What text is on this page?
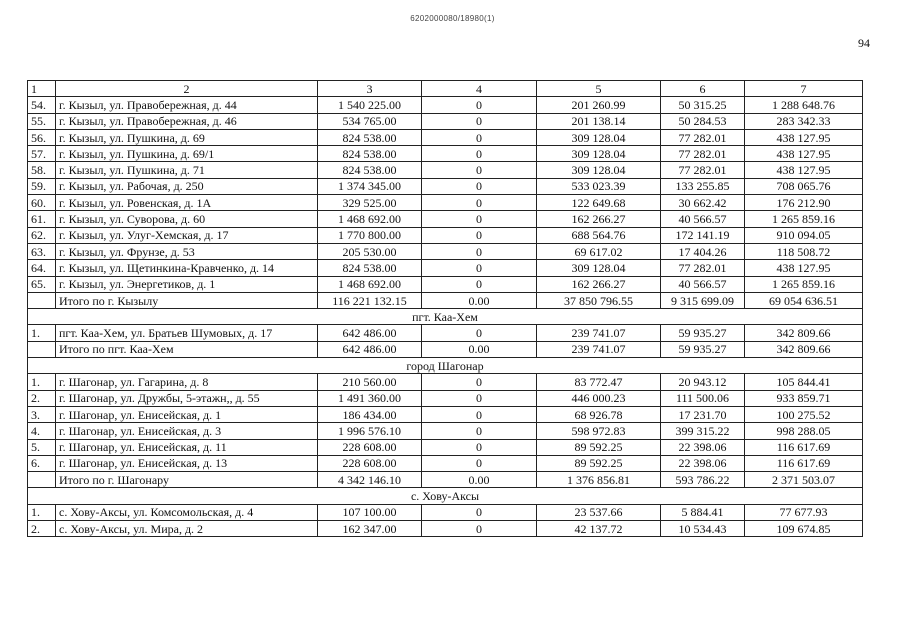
6202000080/18980(1)
94
1	2	3	4	5	6	7
54.	г. Кызыл, ул. Правобережная, д. 44	1 540 225.00	0	201 260.99	50 315.25	1 288 648.76
55.	г. Кызыл, ул. Правобережная, д. 46	534 765.00	0	201 138.14	50 284.53	283 342.33
56.	г. Кызыл, ул. Пушкина, д. 69	824 538.00	0	309 128.04	77 282.01	438 127.95
57.	г. Кызыл, ул. Пушкина, д. 69/1	824 538.00	0	309 128.04	77 282.01	438 127.95
58.	г. Кызыл, ул. Пушкина, д. 71	824 538.00	0	309 128.04	77 282.01	438 127.95
59.	г. Кызыл, ул. Рабочая, д. 250	1 374 345.00	0	533 023.39	133 255.85	708 065.76
60.	г. Кызыл, ул. Ровенская, д. 1А	329 525.00	0	122 649.68	30 662.42	176 212.90
61.	г. Кызыл, ул. Суворова, д. 60	1 468 692.00	0	162 266.27	40 566.57	1 265 859.16
62.	г. Кызыл, ул. Улуг-Хемская, д. 17	1 770 800.00	0	688 564.76	172 141.19	910 094.05
63.	г. Кызыл, ул. Фрунзе, д. 53	205 530.00	0	69 617.02	17 404.26	118 508.72
64.	г. Кызыл, ул. Щетинкина-Кравченко, д. 14	824 538.00	0	309 128.04	77 282.01	438 127.95
65.	г. Кызыл, ул. Энергетиков, д. 1	1 468 692.00	0	162 266.27	40 566.57	1 265 859.16
	Итого по г. Кызылу	116 221 132.15	0.00	37 850 796.55	9 315 699.09	69 054 636.51
пгт. Каа-Хем						
1.	пгт. Каа-Хем, ул. Братьев Шумовых, д. 17	642 486.00	0	239 741.07	59 935.27	342 809.66
	Итого по пгт. Каа-Хем	642 486.00	0.00	239 741.07	59 935.27	342 809.66
город Шагонар						
1.	г. Шагонар, ул. Гагарина, д. 8	210 560.00	0	83 772.47	20 943.12	105 844.41
2.	г. Шагонар, ул. Дружбы, 5-этажн,, д. 55	1 491 360.00	0	446 000.23	111 500.06	933 859.71
3.	г. Шагонар, ул. Енисейская, д. 1	186 434.00	0	68 926.78	17 231.70	100 275.52
4.	г. Шагонар, ул. Енисейская, д. 3	1 996 576.10	0	598 972.83	399 315.22	998 288.05
5.	г. Шагонар, ул. Енисейская, д. 11	228 608.00	0	89 592.25	22 398.06	116 617.69
6.	г. Шагонар, ул. Енисейская, д. 13	228 608.00	0	89 592.25	22 398.06	116 617.69
	Итого по г. Шагонару	4 342 146.10	0.00	1 376 856.81	593 786.22	2 371 503.07
с. Хову-Аксы						
1.	с. Хову-Аксы, ул. Комсомольская, д. 4	107 100.00	0	23 537.66	5 884.41	77 677.93
2.	с. Хову-Аксы, ул. Мира, д. 2	162 347.00	0	42 137.72	10 534.43	109 674.85
